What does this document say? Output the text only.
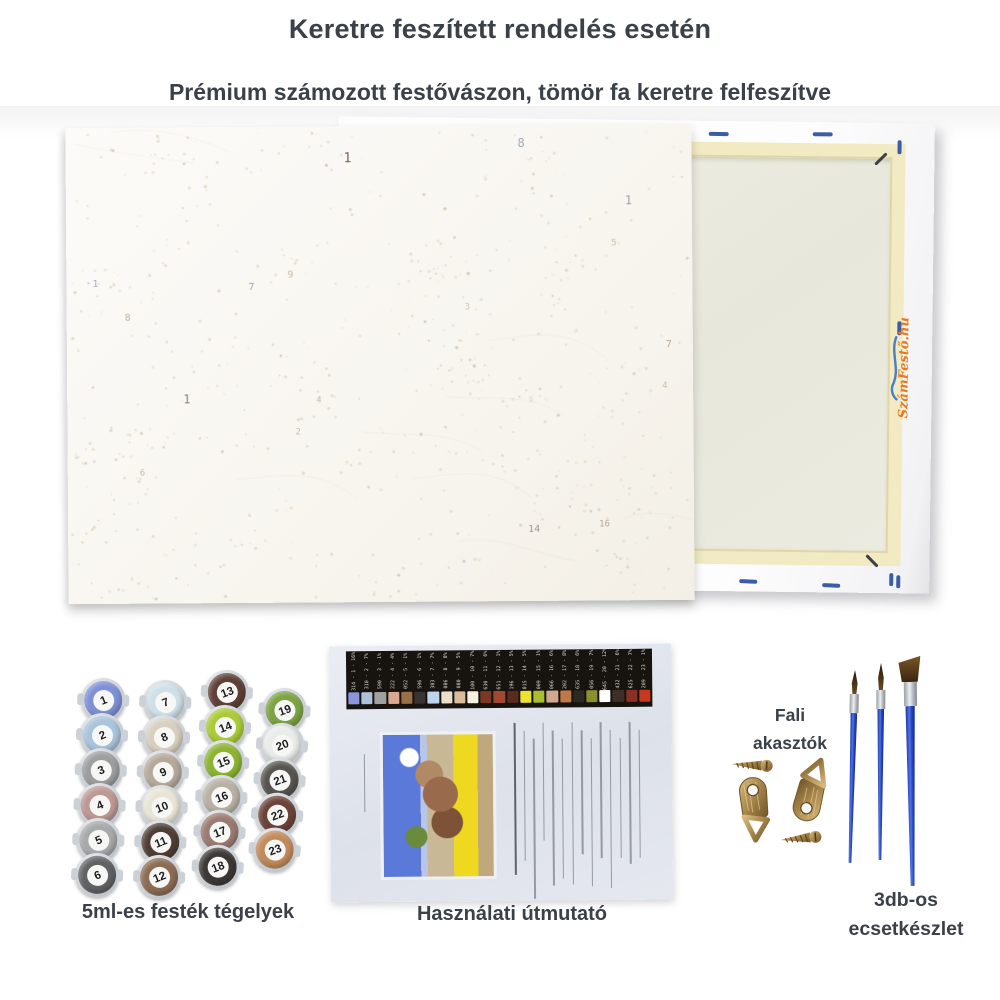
Keretre feszített rendelés esetén
Prémium számozott festővászon, tömör fa keretre felfeszítve
SzámFestő.hu
1
8
1
9
7
1
8
1	4
5
7
4
14	16
2
3
6
1
2
3
4
5
6
7
8
9
10
11
12
13
14
15
16
17
18
19
20
21
22
23
314 - 1 - 16% 310 - 2 - 7% 590 - 3 - 1% 222 - 4 - 4% 052 - 5 - 1% 596 - 6 - 1% 383 - 7 - 7% 086 - 8 - 8% 080 - 9 - 5% 100 - 10 - 7% 630 - 11 - 6% 651 - 12 - 1% 196 - 13 - 5% 015 - 14 - 5% 009 - 15 - 1% 066 - 16 - 6% 202 - 17 - 8% 635 - 18 - 6% 056 - 19 - 7% 645 - 20 - 12% 432 - 21 - 6% 625 - 22 - 7% 209 - 23 - 1%
Fali
akasztók
5ml-es festék tégelyek	Használati útmutató
3db-os
ecsetkészlet
